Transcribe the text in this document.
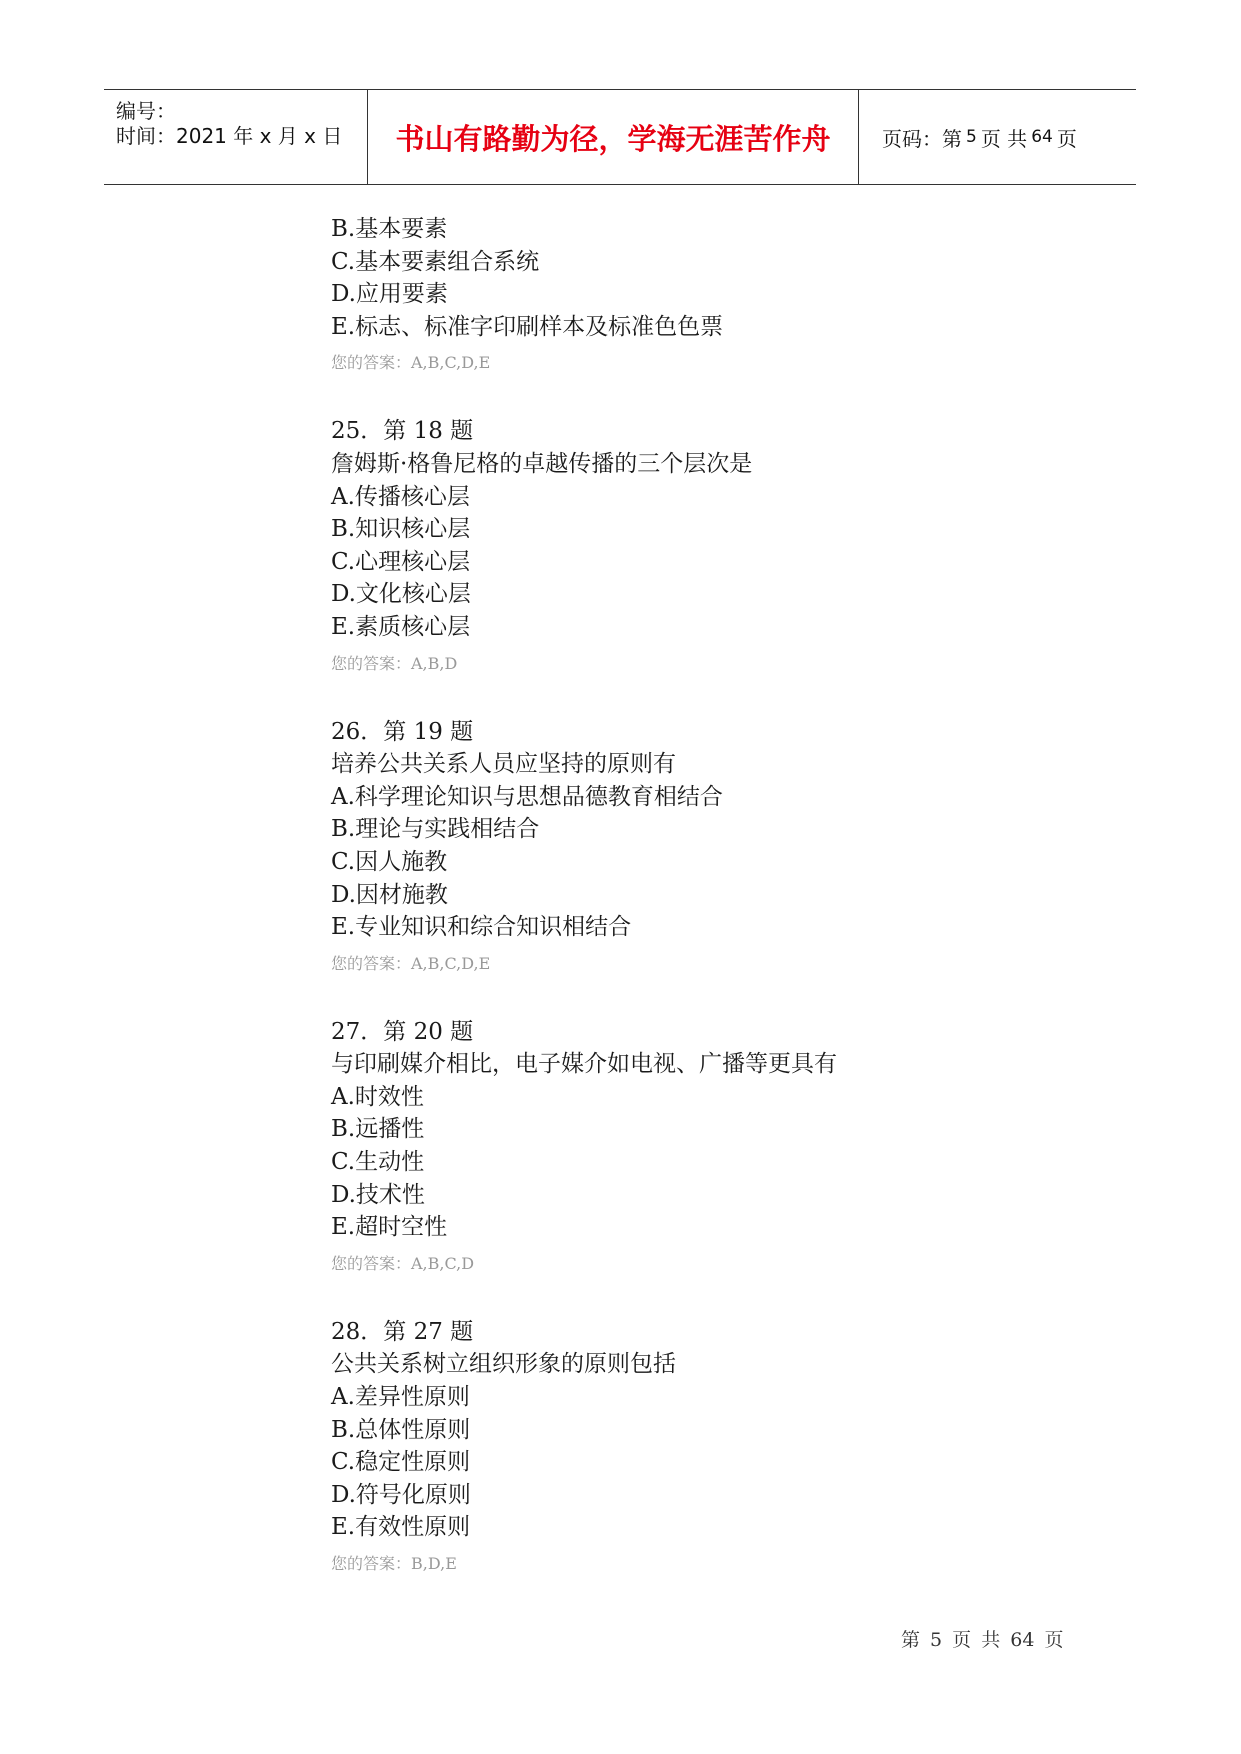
编号：
时间：2021 年 x 月 x 日 书山有路勤为径，学海无涯苦作舟	页码：第 5 页 共 64 页
B.基本要素
C.基本要素组合系统
D.应用要素
E.标志、标准字印刷样本及标准色色票
您的答案：A,B,C,D,E
25．第 18 题
詹姆斯·格鲁尼格的卓越传播的三个层次是
A.传播核心层
B.知识核心层
C.心理核心层
D.文化核心层
E.素质核心层
您的答案：A,B,D
26．第 19 题
培养公共关系人员应坚持的原则有
A.科学理论知识与思想品德教育相结合
B.理论与实践相结合
C.因人施教
D.因材施教
E.专业知识和综合知识相结合
您的答案：A,B,C,D,E
27．第 20 题
与印刷媒介相比，电子媒介如电视、广播等更具有
A.时效性
B.远播性
C.生动性
D.技术性
E.超时空性
您的答案：A,B,C,D
28．第 27 题
公共关系树立组织形象的原则包括
A.差异性原则
B.总体性原则
C.稳定性原则
D.符号化原则
E.有效性原则
您的答案：B,D,E
第 5 页 共 64 页
